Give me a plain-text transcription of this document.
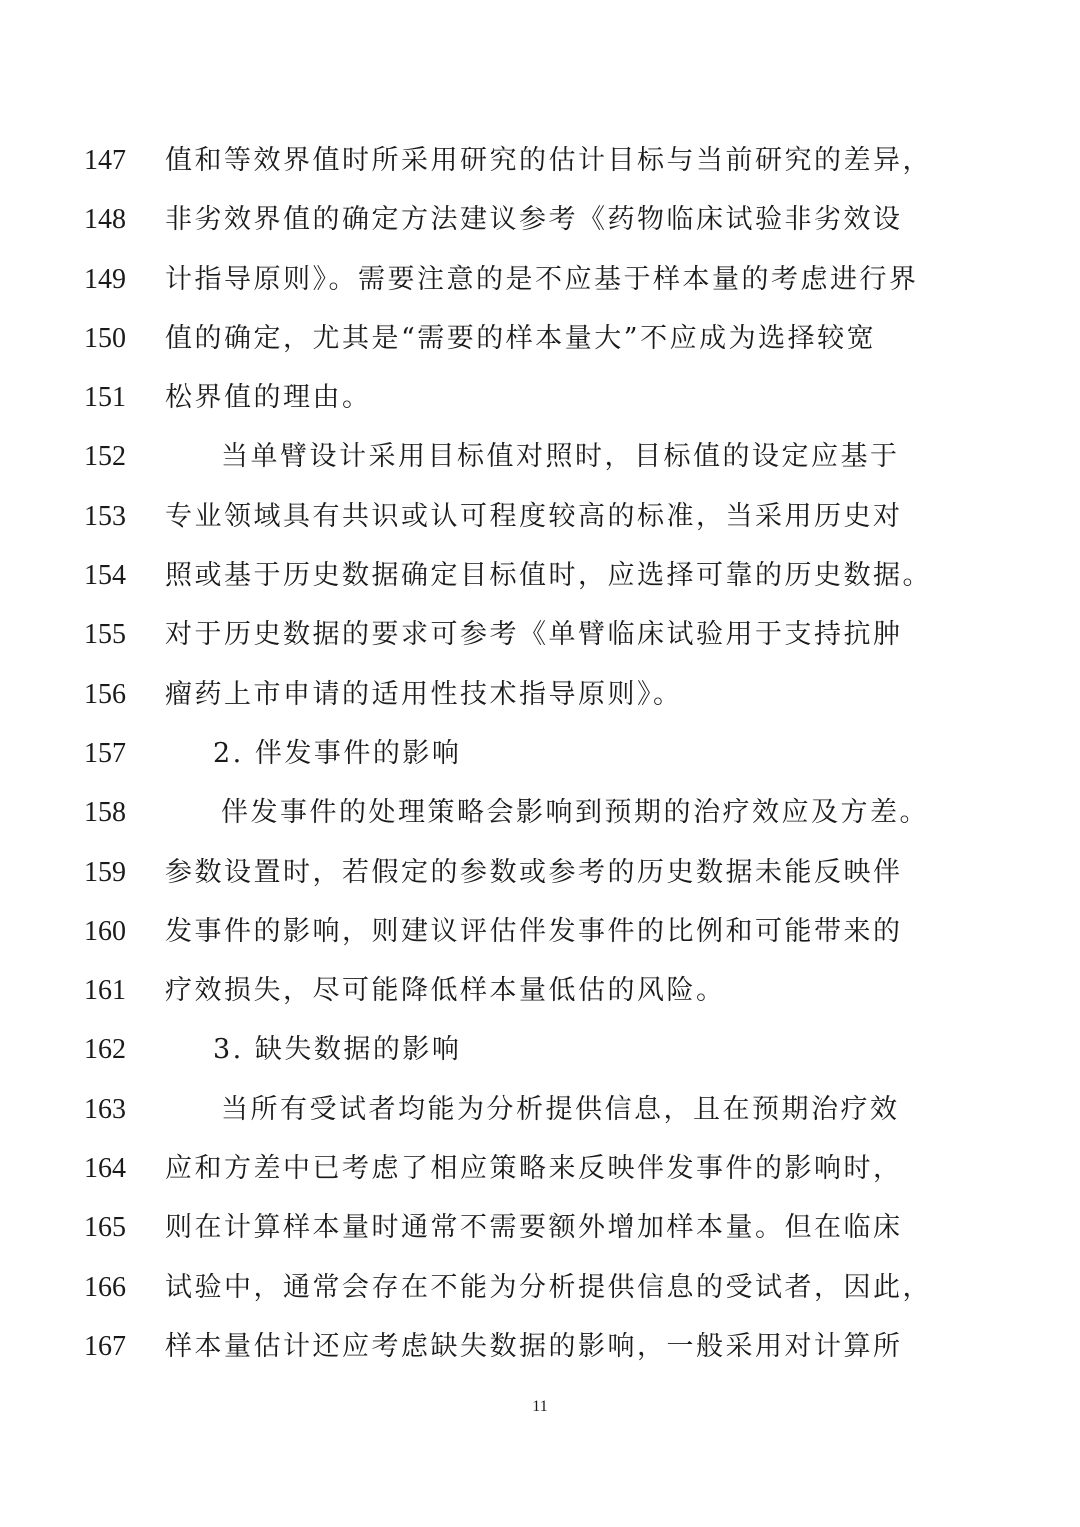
147	值和等效界值时所采用研究的估计目标与当前研究的差异，
148	非劣效界值的确定方法建议参考《药物临床试验非劣效设
149	计指导原则》。需要注意的是不应基于样本量的考虑进行界
150	值的确定，尤其是“需要的样本量大”不应成为选择较宽
151	松界值的理由。
152	当单臂设计采用目标值对照时，目标值的设定应基于
153	专业领域具有共识或认可程度较高的标准，当采用历史对
154	照或基于历史数据确定目标值时，应选择可靠的历史数据。
155	对于历史数据的要求可参考《单臂临床试验用于支持抗肿
156	瘤药上市申请的适用性技术指导原则》。
157	2. 伴发事件的影响
158	伴发事件的处理策略会影响到预期的治疗效应及方差。
159	参数设置时，若假定的参数或参考的历史数据未能反映伴
160	发事件的影响，则建议评估伴发事件的比例和可能带来的
161	疗效损失，尽可能降低样本量低估的风险。
162	3. 缺失数据的影响
163	当所有受试者均能为分析提供信息，且在预期治疗效
164	应和方差中已考虑了相应策略来反映伴发事件的影响时，
165	则在计算样本量时通常不需要额外增加样本量。但在临床
166	试验中，通常会存在不能为分析提供信息的受试者，因此，
167	样本量估计还应考虑缺失数据的影响，一般采用对计算所
11
